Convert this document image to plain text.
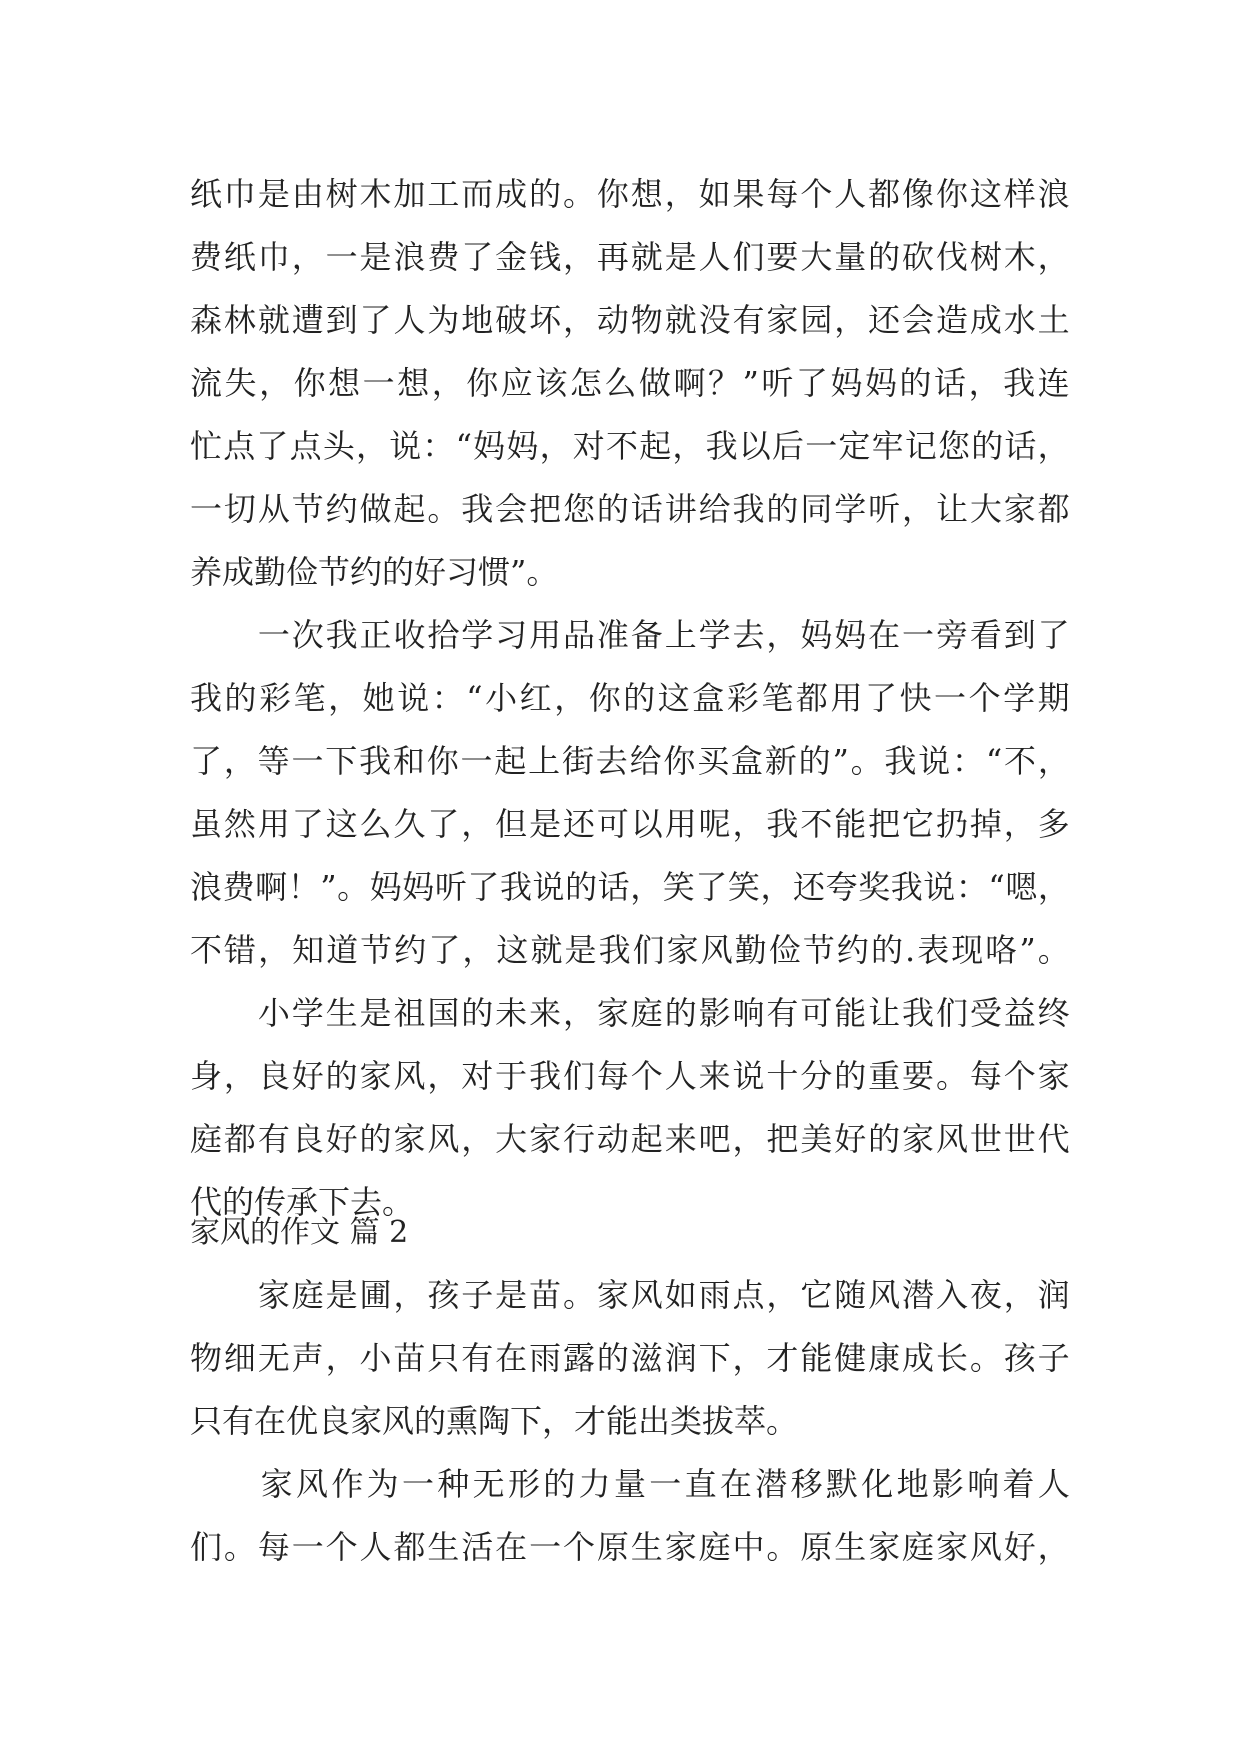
纸 巾 是 由 树 木 加 工 而 成 的 。 你 想 ， 如 果 每 个 人 都 像 你 这 样 浪
费 纸 巾 ， 一 是 浪 费 了 金 钱 ， 再 就 是 人 们 要 大 量 的 砍 伐 树 木 ，
森 林 就 遭 到 了 人 为 地 破 坏 ， 动 物 就 没 有 家 园 ， 还 会 造 成 水 土
流 失 ， 你 想 一 想 ， 你 应 该 怎 么 做 啊 ？ ” 听 了 妈 妈 的 话 ， 我 连
忙 点 了 点 头 ， 说 ： “ 妈 妈 ， 对 不 起 ， 我 以 后 一 定 牢 记 您 的 话 ，
一 切 从 节 约 做 起 。 我 会 把 您 的 话 讲 给 我 的 同 学 听 ， 让 大 家 都
养成勤俭节约的好习惯”。

一 次 我 正 收 拾 学 习 用 品 准 备 上 学 去 ， 妈 妈 在 一 旁 看 到 了
我 的 彩 笔 ， 她 说 ： “ 小 红 ， 你 的 这 盒 彩 笔 都 用 了 快 一 个 学 期
了 ， 等 一 下 我 和 你 一 起 上 街 去 给 你 买 盒 新 的 ” 。 我 说 ： “ 不 ，
虽 然 用 了 这 么 久 了 ， 但 是 还 可 以 用 呢 ， 我 不 能 把 它 扔 掉 ， 多
浪 费 啊 ！ ” 。 妈 妈 听 了 我 说 的 话 ， 笑 了 笑 ， 还 夸 奖 我 说 ： “ 嗯 ，
不 错 ， 知 道 节 约 了 ， 这 就 是 我 们 家 风 勤 俭 节 约 的 . 表 现 咯 ” 。

小 学 生 是 祖 国 的 未 来 ， 家 庭 的 影 响 有 可 能 让 我 们 受 益 终
身 ， 良 好 的 家 风 ， 对 于 我 们 每 个 人 来 说 十 分 的 重 要 。 每 个 家
庭 都 有 良 好 的 家 风 ， 大 家 行 动 起 来 吧 ， 把 美 好 的 家 风 世 世 代
代的传承下去。
家风的作文 篇 2

家 庭 是 圃 ， 孩 子 是 苗 。 家 风 如 雨 点 ， 它 随 风 潜 入 夜 ， 润
物 细 无 声 ， 小 苗 只 有 在 雨 露 的 滋 润 下 ， 才 能 健 康 成 长 。 孩 子
只有在优良家风的熏陶下，才能出类拔萃。

家 风 作 为 一 种 无 形 的 力 量 一 直 在 潜 移 默 化 地 影 响 着 人
们 。 每 一 个 人 都 生 活 在 一 个 原 生 家 庭 中 。 原 生 家 庭 家 风 好 ，
